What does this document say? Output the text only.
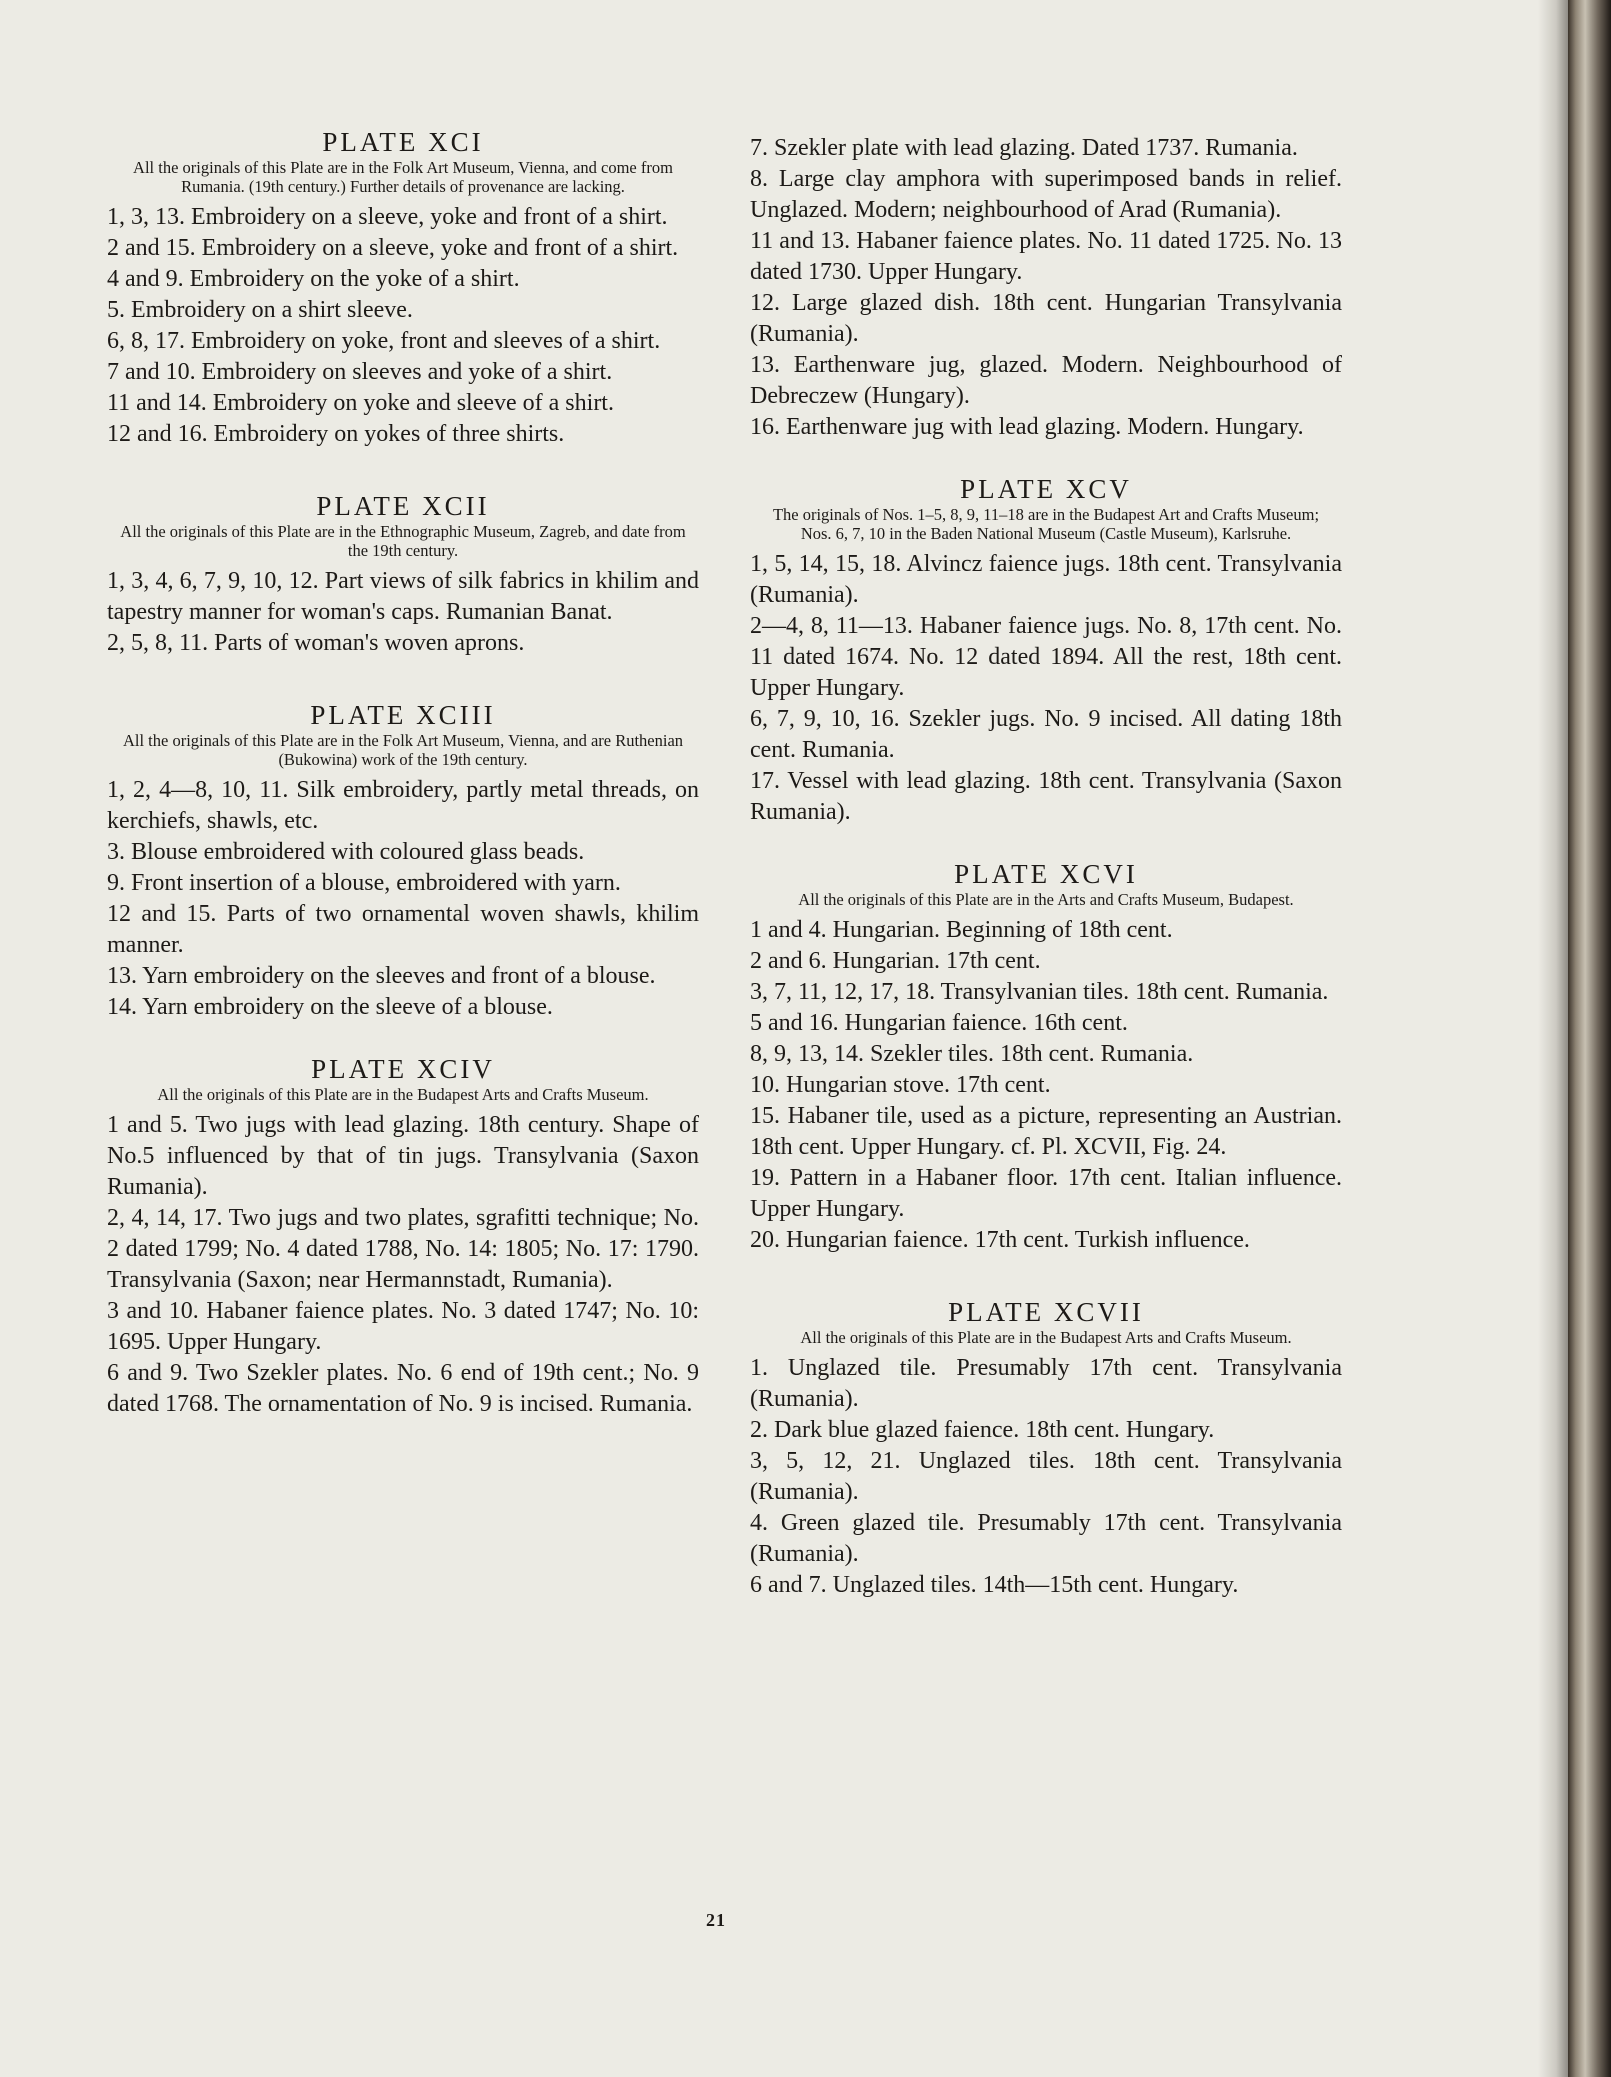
PLATE XCI

All the originals of this Plate are in the Folk Art Museum, Vienna, and come from Rumania. (19th century.) Further details of provenance are lacking.

1, 3, 13. Embroidery on a sleeve, yoke and front of a shirt.

2 and 15. Embroidery on a sleeve, yoke and front of a shirt.

4 and 9. Embroidery on the yoke of a shirt.

5. Embroidery on a shirt sleeve.

6, 8, 17. Embroidery on yoke, front and sleeves of a shirt.

7 and 10. Embroidery on sleeves and yoke of a shirt.

11 and 14. Embroidery on yoke and sleeve of a shirt.

12 and 16. Embroidery on yokes of three shirts.

PLATE XCII

All the originals of this Plate are in the Ethnographic Museum, Zagreb, and date from the 19th century.

1, 3, 4, 6, 7, 9, 10, 12. Part views of silk fabrics in khilim and tapestry manner for woman's caps. Rumanian Banat.

2, 5, 8, 11. Parts of woman's woven aprons.

PLATE XCIII

All the originals of this Plate are in the Folk Art Museum, Vienna, and are Ruthenian (Bukowina) work of the 19th century.

1, 2, 4—8, 10, 11. Silk embroidery, partly metal threads, on kerchiefs, shawls, etc.

3. Blouse embroidered with coloured glass beads.

9. Front insertion of a blouse, embroidered with yarn.

12 and 15. Parts of two ornamental woven shawls, khilim manner.

13. Yarn embroidery on the sleeves and front of a blouse.

14. Yarn embroidery on the sleeve of a blouse.

PLATE XCIV

All the originals of this Plate are in the Budapest Arts and Crafts Museum.

1 and 5. Two jugs with lead glazing. 18th century. Shape of No.5 influenced by that of tin jugs. Transylvania (Saxon Rumania).

2, 4, 14, 17. Two jugs and two plates, sgrafitti technique; No. 2 dated 1799; No. 4 dated 1788, No. 14: 1805; No. 17: 1790. Transylvania (Saxon; near Hermannstadt, Rumania).

3 and 10. Habaner faience plates. No. 3 dated 1747; No. 10: 1695. Upper Hungary.

6 and 9. Two Szekler plates. No. 6 end of 19th cent.; No. 9 dated 1768. The ornamentation of No. 9 is incised. Rumania.

7. Szekler plate with lead glazing. Dated 1737. Rumania.

8. Large clay amphora with superimposed bands in relief. Unglazed. Modern; neighbourhood of Arad (Rumania).

11 and 13. Habaner faience plates. No. 11 dated 1725. No. 13 dated 1730. Upper Hungary.

12. Large glazed dish. 18th cent. Hungarian Transylvania (Rumania).

13. Earthenware jug, glazed. Modern. Neighbourhood of Debreczew (Hungary).

16. Earthenware jug with lead glazing. Modern. Hungary.

PLATE XCV

The originals of Nos. 1–5, 8, 9, 11–18 are in the Budapest Art and Crafts Museum; Nos. 6, 7, 10 in the Baden National Museum (Castle Museum), Karlsruhe.

1, 5, 14, 15, 18. Alvincz faience jugs. 18th cent. Transylvania (Rumania).

2—4, 8, 11—13. Habaner faience jugs. No. 8, 17th cent. No. 11 dated 1674. No. 12 dated 1894. All the rest, 18th cent. Upper Hungary.

6, 7, 9, 10, 16. Szekler jugs. No. 9 incised. All dating 18th cent. Rumania.

17. Vessel with lead glazing. 18th cent. Transylvania (Saxon Rumania).

PLATE XCVI

All the originals of this Plate are in the Arts and Crafts Museum, Budapest.

1 and 4. Hungarian. Beginning of 18th cent.

2 and 6. Hungarian. 17th cent.

3, 7, 11, 12, 17, 18. Transylvanian tiles. 18th cent. Rumania.

5 and 16. Hungarian faience. 16th cent.

8, 9, 13, 14. Szekler tiles. 18th cent. Rumania.

10. Hungarian stove. 17th cent.

15. Habaner tile, used as a picture, representing an Austrian. 18th cent. Upper Hungary. cf. Pl. XCVII, Fig. 24.

19. Pattern in a Habaner floor. 17th cent. Italian influence. Upper Hungary.

20. Hungarian faience. 17th cent. Turkish influence.

PLATE XCVII

All the originals of this Plate are in the Budapest Arts and Crafts Museum.

1. Unglazed tile. Presumably 17th cent. Transylvania (Rumania).

2. Dark blue glazed faience. 18th cent. Hungary.

3, 5, 12, 21. Unglazed tiles. 18th cent. Transylvania (Rumania).

4. Green glazed tile. Presumably 17th cent. Transylvania (Rumania).

6 and 7. Unglazed tiles. 14th—15th cent. Hungary.

21
